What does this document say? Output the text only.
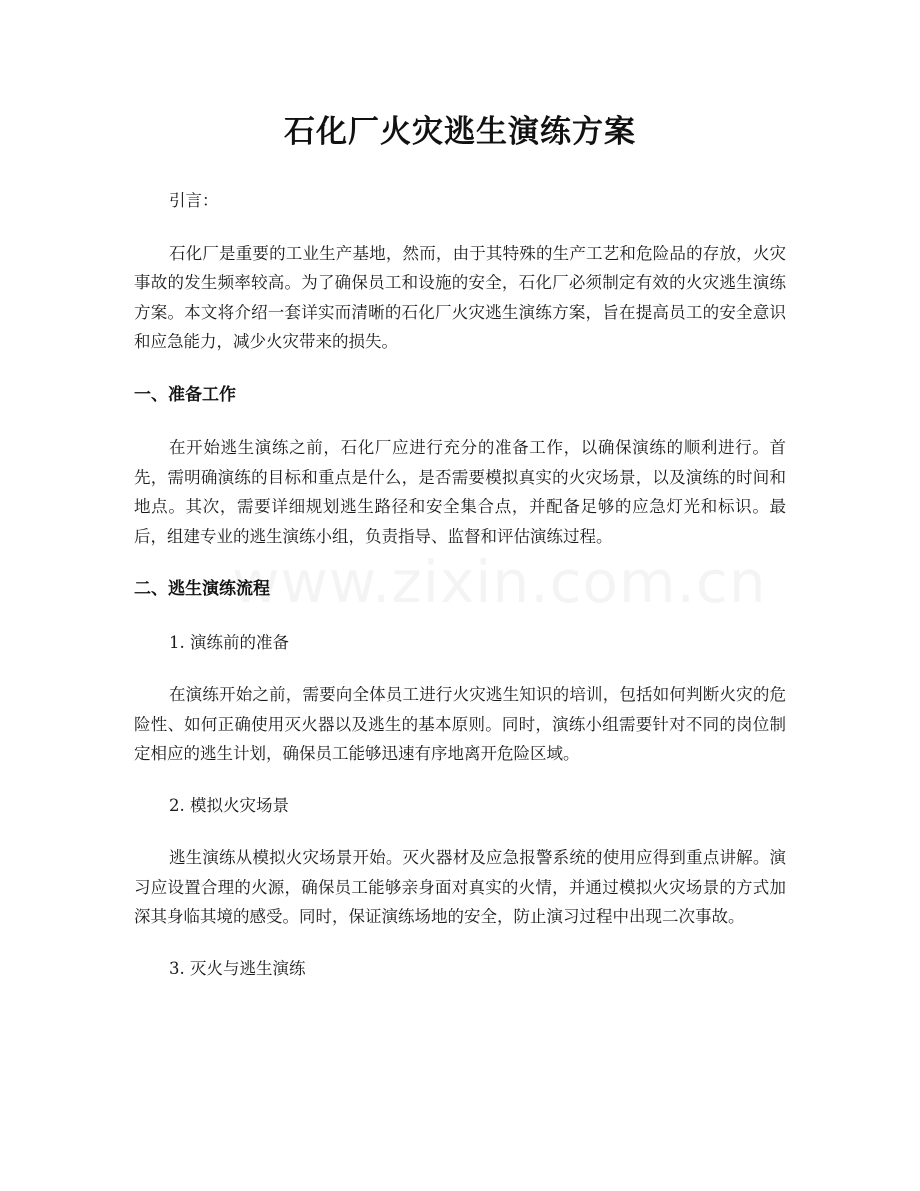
石化厂火灾逃生演练方案

引言：

石化厂是重要的工业生产基地，然而，由于其特殊的生产工艺和危险品的存放，火灾事故的发生频率较高。为了确保员工和设施的安全，石化厂必须制定有效的火灾逃生演练方案。本文将介绍一套详实而清晰的石化厂火灾逃生演练方案，旨在提高员工的安全意识和应急能力，减少火灾带来的损失。

一、准备工作

在开始逃生演练之前，石化厂应进行充分的准备工作，以确保演练的顺利进行。首先，需明确演练的目标和重点是什么，是否需要模拟真实的火灾场景，以及演练的时间和地点。其次，需要详细规划逃生路径和安全集合点，并配备足够的应急灯光和标识。最后，组建专业的逃生演练小组，负责指导、监督和评估演练过程。

二、逃生演练流程

1. 演练前的准备

在演练开始之前，需要向全体员工进行火灾逃生知识的培训，包括如何判断火灾的危险性、如何正确使用灭火器以及逃生的基本原则。同时，演练小组需要针对不同的岗位制定相应的逃生计划，确保员工能够迅速有序地离开危险区域。

2. 模拟火灾场景

逃生演练从模拟火灾场景开始。灭火器材及应急报警系统的使用应得到重点讲解。演习应设置合理的火源，确保员工能够亲身面对真实的火情，并通过模拟火灾场景的方式加深其身临其境的感受。同时，保证演练场地的安全，防止演习过程中出现二次事故。

3. 灭火与逃生演练
